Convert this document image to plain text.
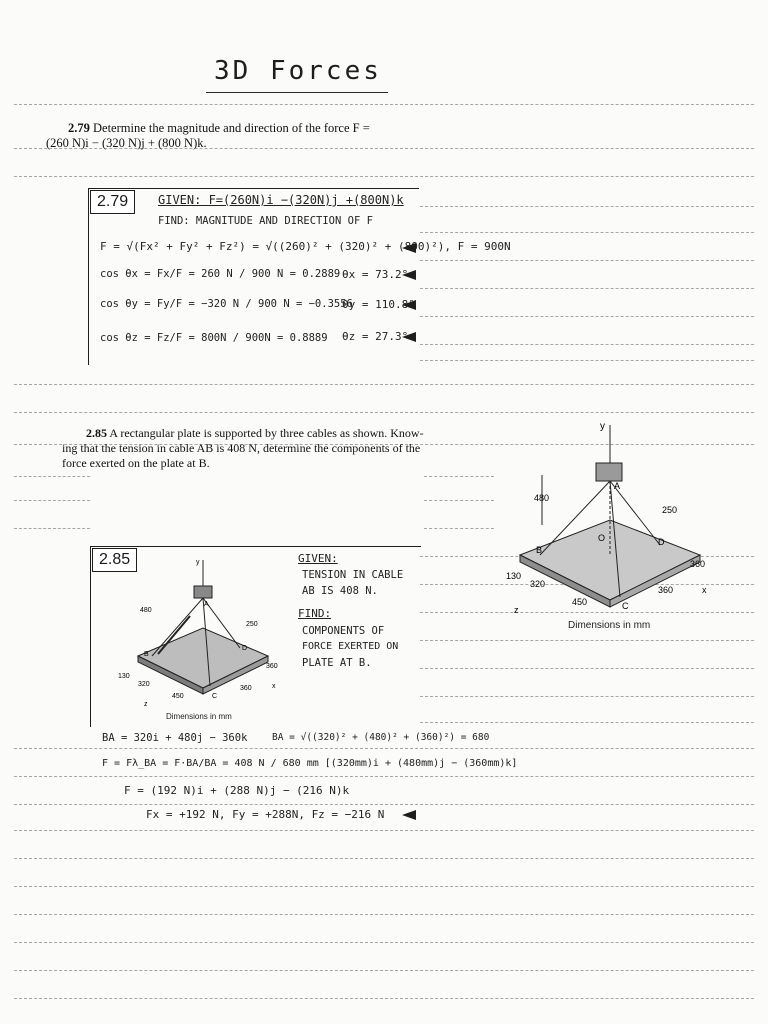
3D Forces
2.79 Determine the magnitude and direction of the force F =
(260 N)i − (320 N)j + (800 N)k.
2.79	GIVEN: F=(260N)i −(320N)j +(800N)k
FIND: MAGNITUDE AND DIRECTION OF F
F = √(Fx² + Fy² + Fz²) = √((260)² + (320)² + (800)²), F = 900N
cos θx = Fx/F = 260 N / 900 N = 0.2889
cos θy = Fy/F = −320 N / 900 N = −0.3556
cos θz = Fz/F = 800N / 900N = 0.8889
θx = 73.2°
θy = 110.8°
θz = 27.3°
2.85 A rectangular plate is supported by three cables as shown. Know-
ing that the tension in cable AB is 408 N, determine the components of the
force exerted on the plate at B.
y
480
250
360
360
130
320
450
A
B
C
D
O
z
x
Dimensions in mm
2.85	y
A
B
C
D
480
250
360
360
130
320
450
z
x
Dimensions in mm
GIVEN:
TENSION IN CABLE
AB IS 408 N.
FIND:
COMPONENTS OF
FORCE EXERTED ON
PLATE AT B.
BA = 320i + 480j − 360k	BA = √((320)² + (480)² + (360)²) = 680
F = Fλ_BA = F·BA/BA = 408 N / 680 mm [(320mm)i + (480mm)j − (360mm)k]
F = (192 N)i + (288 N)j − (216 N)k
Fx = +192 N, Fy = +288N, Fz = −216 N
